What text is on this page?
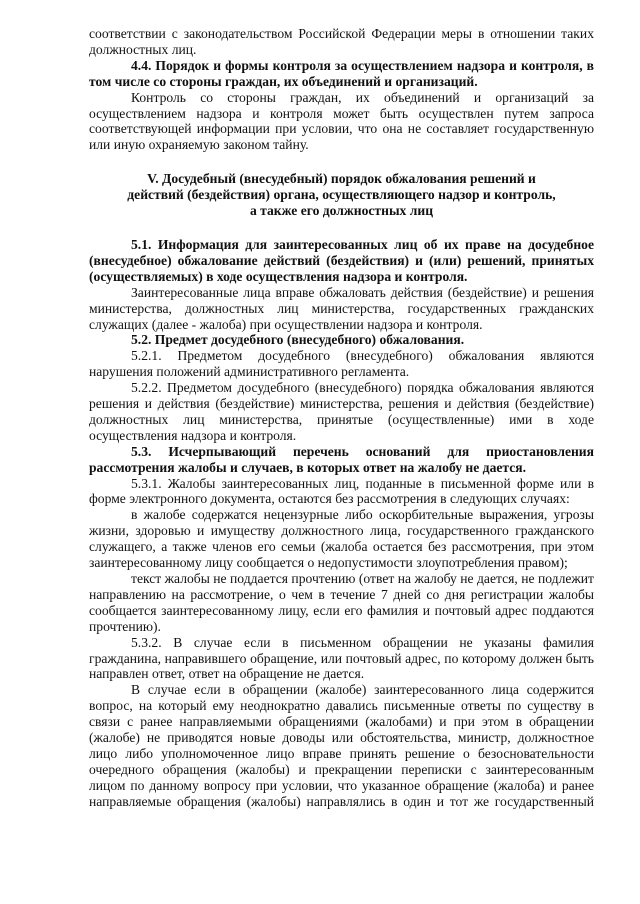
соответствии с законодательством Российской Федерации меры в отношении таких должностных лиц.

4.4. Порядок и формы контроля за осуществлением надзора и контроля, в том числе со стороны граждан, их объединений и организаций.

Контроль со стороны граждан, их объединений и организаций за осуществлением надзора и контроля может быть осуществлен путем запроса соответствующей информации при условии, что она не составляет государственную или иную охраняемую законом тайну.

V. Досудебный (внесудебный) порядок обжалования решений и

действий (бездействия) органа, осуществляющего надзор и контроль,

а также его должностных лиц

5.1. Информация для заинтересованных лиц об их праве на досудебное (внесудебное) обжалование действий (бездействия) и (или) решений, принятых (осуществляемых) в ходе осуществления надзора и контроля.

Заинтересованные лица вправе обжаловать действия (бездействие) и решения министерства, должностных лиц министерства, государственных гражданских служащих (далее - жалоба) при осуществлении надзора и контроля.

5.2. Предмет досудебного (внесудебного) обжалования.

5.2.1. Предметом досудебного (внесудебного) обжалования являются нарушения положений административного регламента.

5.2.2. Предметом досудебного (внесудебного) порядка обжалования являются решения и действия (бездействие) министерства, решения и действия (бездействие) должностных лиц министерства, принятые (осуществленные) ими в ходе осуществления надзора и контроля.

5.3. Исчерпывающий перечень оснований для приостановления рассмотрения жалобы и случаев, в которых ответ на жалобу не дается.

5.3.1. Жалобы заинтересованных лиц, поданные в письменной форме или в форме электронного документа, остаются без рассмотрения в следующих случаях:

в жалобе содержатся нецензурные либо оскорбительные выражения, угрозы жизни, здоровью и имуществу должностного лица, государственного гражданского служащего, а также членов его семьи (жалоба остается без рассмотрения, при этом заинтересованному лицу сообщается о недопустимости злоупотребления правом);

текст жалобы не поддается прочтению (ответ на жалобу не дается, не подлежит направлению на рассмотрение, о чем в течение 7 дней со дня регистрации жалобы сообщается заинтересованному лицу, если его фамилия и почтовый адрес поддаются прочтению).

5.3.2. В случае если в письменном обращении не указаны фамилия гражданина, направившего обращение, или почтовый адрес, по которому должен быть направлен ответ, ответ на обращение не дается.

В случае если в обращении (жалобе) заинтересованного лица содержится вопрос, на который ему неоднократно давались письменные ответы по существу в связи с ранее направляемыми обращениями (жалобами) и при этом в обращении (жалобе) не приводятся новые доводы или обстоятельства, министр, должностное лицо либо уполномоченное лицо вправе принять решение о безосновательности очередного обращения (жалобы) и прекращении переписки с заинтересованным лицом по данному вопросу при условии, что указанное обращение (жалоба) и ранее направляемые обращения (жалобы) направлялись в один и тот же государственный
